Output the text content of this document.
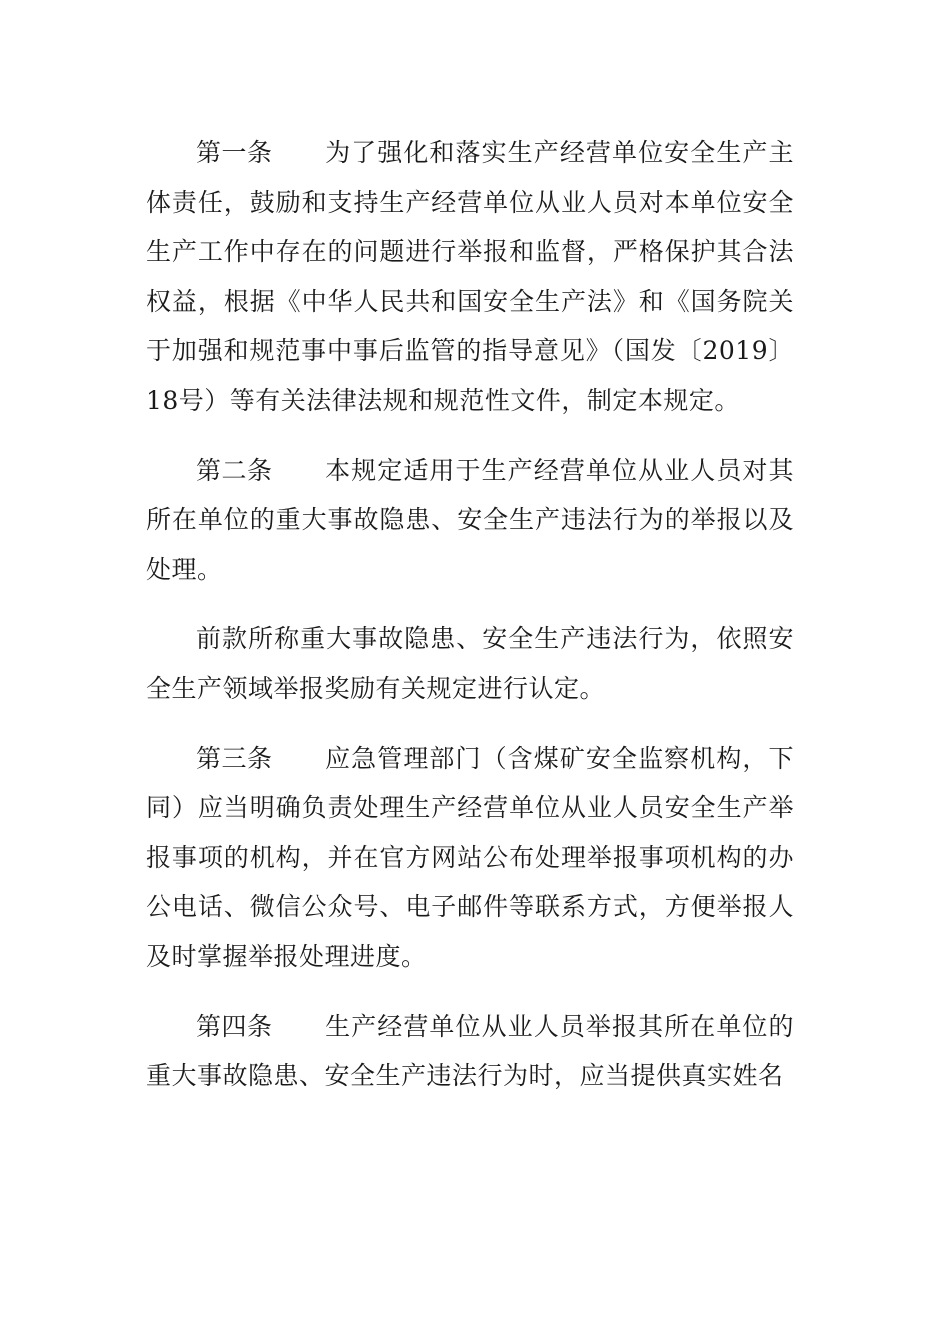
第一条 为了强化和落实生产经营单位安全生产主体责任，鼓励和支持生产经营单位从业人员对本单位安全生产工作中存在的问题进行举报和监督，严格保护其合法权益，根据《中华人民共和国安全生产法》和《国务院关于加强和规范事中事后监管的指导意见》（国发〔2019〕18号）等有关法律法规和规范性文件，制定本规定。

第二条 本规定适用于生产经营单位从业人员对其所在单位的重大事故隐患、安全生产违法行为的举报以及处理。

前款所称重大事故隐患、安全生产违法行为，依照安全生产领域举报奖励有关规定进行认定。

第三条 应急管理部门（含煤矿安全监察机构，下同）应当明确负责处理生产经营单位从业人员安全生产举报事项的机构，并在官方网站公布处理举报事项机构的办公电话、微信公众号、电子邮件等联系方式，方便举报人及时掌握举报处理进度。

第四条 生产经营单位从业人员举报其所在单位的重大事故隐患、安全生产违法行为时，应当提供真实姓名
